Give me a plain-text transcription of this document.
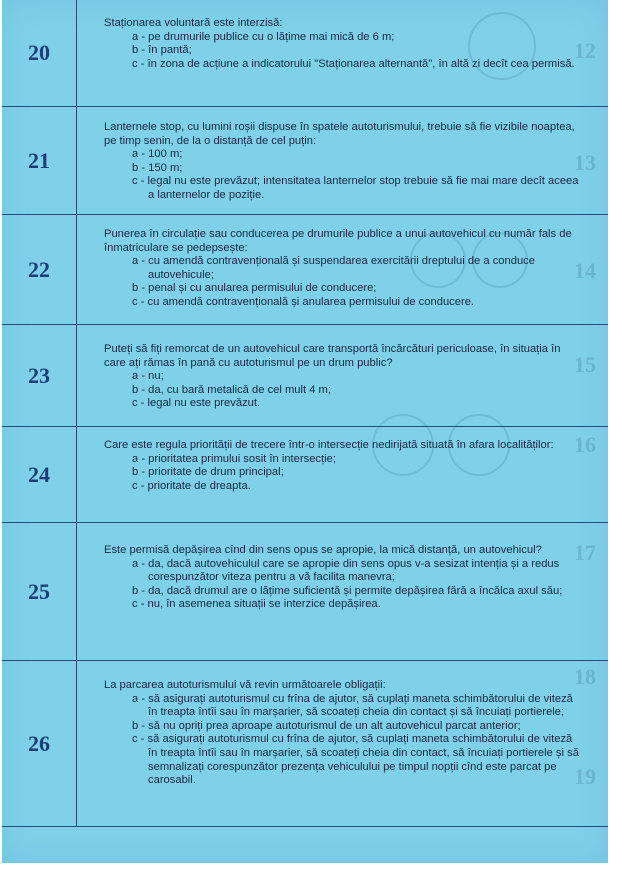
12
13
14
15
16
17
18
19
20

Staționarea voluntară este interzisă:

a - pe drumurile publice cu o lățime mai mică de 6 m;

b - în pantă;

c - în zona de acțiune a indicatorului "Staționarea alternantă", în altă zi decît cea permisă.

21

Lanternele stop, cu lumini roșii dispuse în spatele autoturismului, trebuie să fie vizibile noaptea, pe timp senin, de la o distanță de cel puțin:

a - 100 m;

b - 150 m;

c - legal nu este prevăzut; intensitatea lanternelor stop trebuie să fie mai mare decît aceea a lanternelor de poziție.

22

Punerea în circulație sau conducerea pe drumurile publice a unui autovehicul cu număr fals de înmatriculare se pedepsește:

a - cu amendă contravențională și suspendarea exercitării dreptului de a conduce autovehicule;

b - penal și cu anularea permisului de conducere;

c - cu amendă contravențională și anularea permisului de conducere.

23

Puteți să fiți remorcat de un autovehicul care transportă încărcături periculoase, în situația în care ați rămas în pană cu autoturismul pe un drum public?

a - nu;

b - da, cu bară metalică de cel mult 4 m;

c - legal nu este prevăzut.

24

Care este regula priorității de trecere într-o intersecție nedirijată situată în afara localităților:

a - prioritatea primului sosit în intersecție;

b - prioritate de drum principal;

c - prioritate de dreapta.

25

Este permisă depășirea cînd din sens opus se apropie, la mică distanță, un autovehicul?

a - da, dacă autovehiculul care se apropie din sens opus v-a sesizat intenția și a redus corespunzător viteza pentru a vă facilita manevra;

b - da, dacă drumul are o lățime suficientă și permite depășirea fără a încălca axul său;

c - nu, în asemenea situații se interzice depășirea.

26

La parcarea autoturismului vă revin următoarele obligații:

a - să asigurați autoturismul cu frîna de ajutor, să cuplați maneta schimbătorului de viteză în treapta întîi sau în marșarier, să scoateți cheia din contact și să încuiați portierele;

b - să nu opriți prea aproape autoturismul de un alt autovehicul parcat anterior;

c - să asigurați autoturismul cu frîna de ajutor, să cuplați maneta schimbătorului de viteză în treapta întîi sau în marșarier, să scoateți cheia din contact, să încuiați portierele și să semnalizați corespunzător prezența vehiculului pe timpul nopții cînd este parcat pe carosabil.
